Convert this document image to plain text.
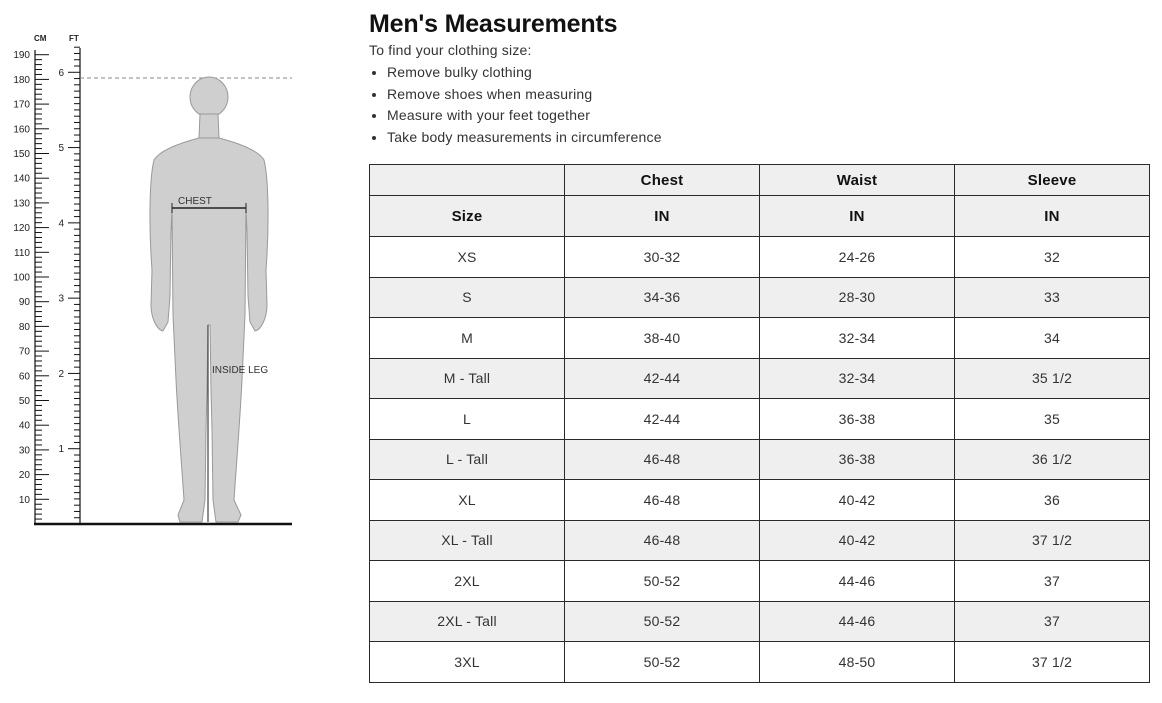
CM	FT
190
180
170
160
150
140
130
120
110
100
90
80
70
60
50
40
30
20
10
6
5
4
3
2
1
CHEST
INSIDE LEG
Men's Measurements

To find your clothing size:

• Remove bulky clothing
• Remove shoes when measuring
• Measure with your feet together
• Take body measurements in circumference
	Chest	Waist	Sleeve
Size	IN	IN	IN
XS	30-32	24-26	32
S	34-36	28-30	33
M	38-40	32-34	34
M - Tall	42-44	32-34	35 1/2
L	42-44	36-38	35
L - Tall	46-48	36-38	36 1/2
XL	46-48	40-42	36
XL - Tall	46-48	40-42	37 1/2
2XL	50-52	44-46	37
2XL - Tall	50-52	44-46	37
3XL	50-52	48-50	37 1/2
